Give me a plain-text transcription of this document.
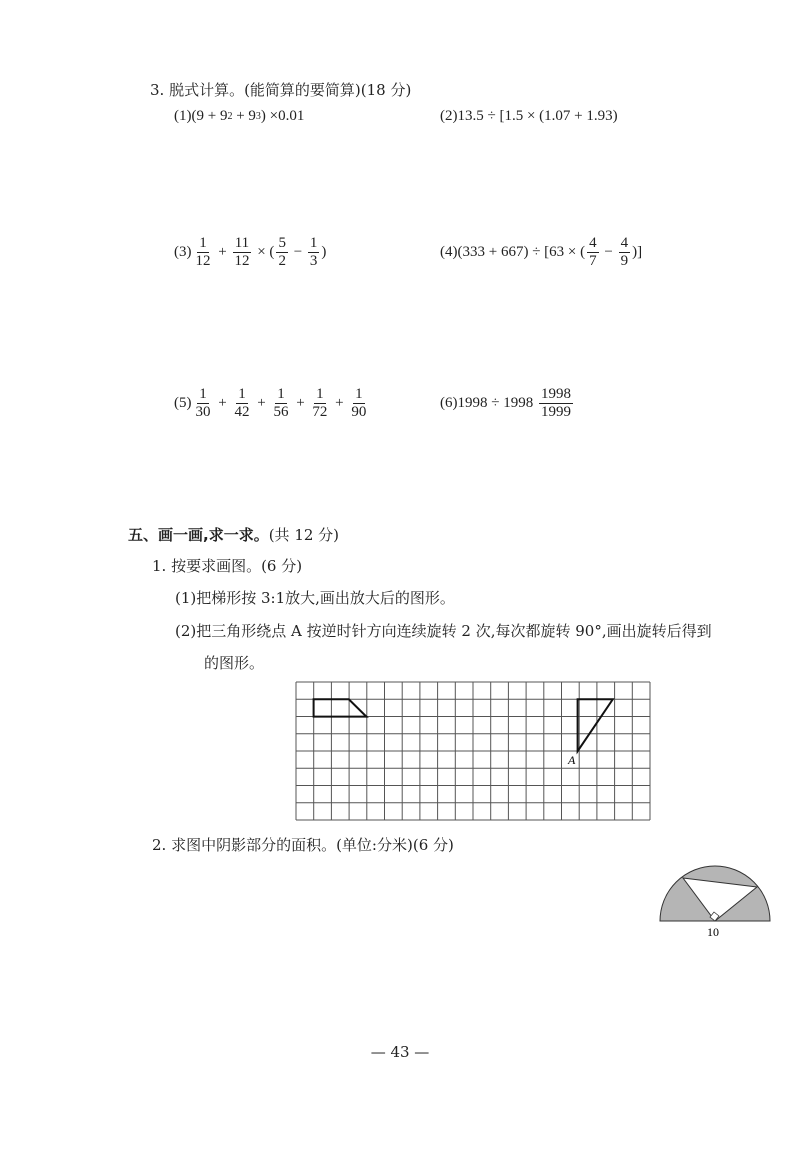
3. 脱式计算。(能简算的要简算)(18 分)
(1)(9 + 9 2 + 9 3 ) ×0.01	(2)13.5 ÷ [1.5 × (1.07 + 1.93)
$(3) \frac{1}{12} + \frac{11}{12}$ × ( $\frac{5}{2} - \frac{1}{3}$ )	(4)(333 + 667) ÷ [63 × ( $\frac{4}{7} - \frac{4}{9}$ )]
$(5) \frac{1}{30} + \frac{1}{42} + \frac{1}{56} + \frac{1}{72} + \frac{1}{90}$	$(6)1998 \div 1998 \frac{1998}{1999}$
五、画一画,求一求。(共 12 分)
1. 按要求画图。(6 分)
(1)把梯形按 3:1放大,画出放大后的图形。
(2)把三角形绕点 A 按逆时针方向连续旋转 2 次,每次都旋转 90°,画出旋转后得到
的图形。
A
2. 求图中阴影部分的面积。(单位:分米)(6 分)
10
— 43 —
